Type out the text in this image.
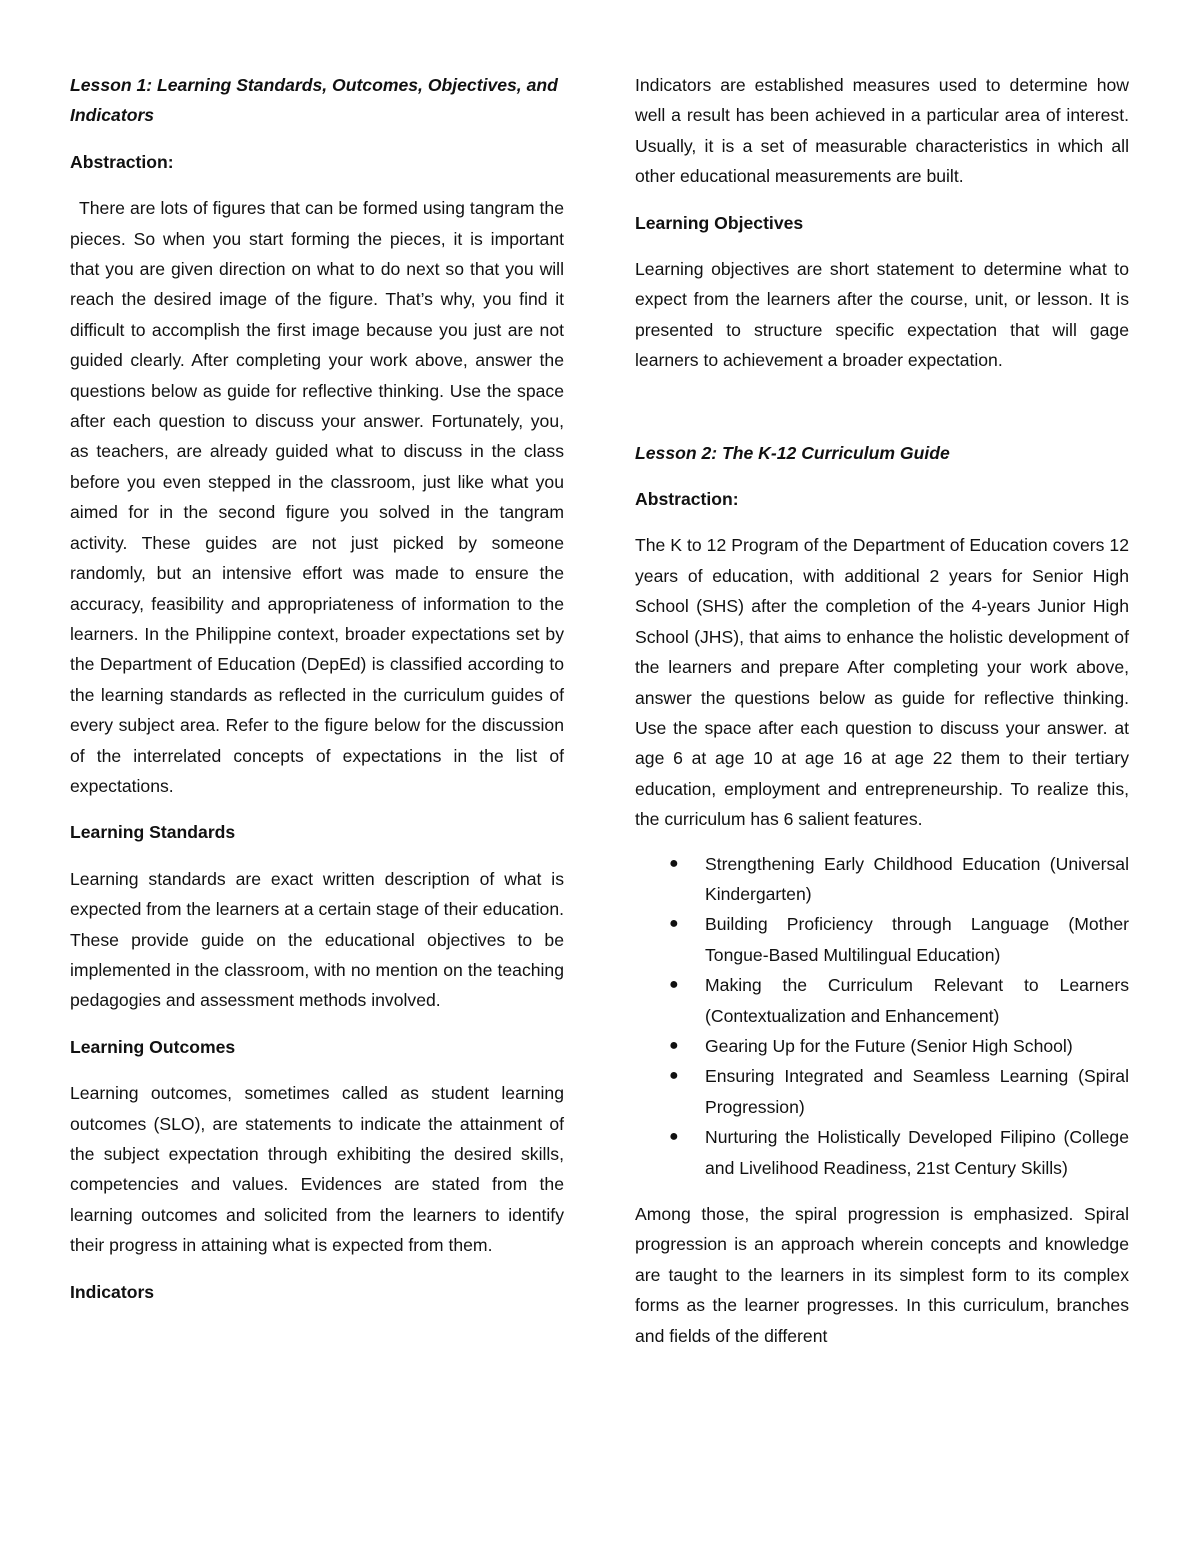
Lesson 1: Learning Standards, Outcomes, Objectives, and Indicators

Abstraction:

There are lots of figures that can be formed using tangram the pieces. So when you start forming the pieces, it is important that you are given direction on what to do next so that you will reach the desired image of the figure. That’s why, you find it difficult to accomplish the first image because you just are not guided clearly. After completing your work above, answer the questions below as guide for reflective thinking. Use the space after each question to discuss your answer. Fortunately, you, as teachers, are already guided what to discuss in the class before you even stepped in the classroom, just like what you aimed for in the second figure you solved in the tangram activity. These guides are not just picked by someone randomly, but an intensive effort was made to ensure the accuracy, feasibility and appropriateness of information to the learners. In the Philippine context, broader expectations set by the Department of Education (DepEd) is classified according to the learning standards as reflected in the curriculum guides of every subject area. Refer to the figure below for the discussion of the interrelated concepts of expectations in the list of expectations.

Learning Standards

Learning standards are exact written description of what is expected from the learners at a certain stage of their education. These provide guide on the educational objectives to be implemented in the classroom, with no mention on the teaching pedagogies and assessment methods involved.

Learning Outcomes

Learning outcomes, sometimes called as student learning outcomes (SLO), are statements to indicate the attainment of the subject expectation through exhibiting the desired skills, competencies and values. Evidences are stated from the learning outcomes and solicited from the learners to identify their progress in attaining what is expected from them.

Indicators

Indicators are established measures used to determine how well a result has been achieved in a particular area of interest. Usually, it is a set of measurable characteristics in which all other educational measurements are built.

Learning Objectives

Learning objectives are short statement to determine what to expect from the learners after the course, unit, or lesson. It is presented to structure specific expectation that will gage learners to achievement a broader expectation.

Lesson 2: The K-12 Curriculum Guide

Abstraction:

The K to 12 Program of the Department of Education covers 12 years of education, with additional 2 years for Senior High School (SHS) after the completion of the 4-years Junior High School (JHS), that aims to enhance the holistic development of the learners and prepare After completing your work above, answer the questions below as guide for reflective thinking. Use the space after each question to discuss your answer. at age 6 at age 10 at age 16 at age 22 them to their tertiary education, employment and entrepreneurship. To realize this, the curriculum has 6 salient features.

● Strengthening Early Childhood Education (Universal Kindergarten)
● Building Proficiency through Language (Mother Tongue-Based Multilingual Education)
● Making the Curriculum Relevant to Learners (Contextualization and Enhancement)
● Gearing Up for the Future (Senior High School)
● Ensuring Integrated and Seamless Learning (Spiral Progression)
● Nurturing the Holistically Developed Filipino (College and Livelihood Readiness, 21st Century Skills)

Among those, the spiral progression is emphasized. Spiral progression is an approach wherein concepts and knowledge are taught to the learners in its simplest form to its complex forms as the learner progresses. In this curriculum, branches and fields of the different
